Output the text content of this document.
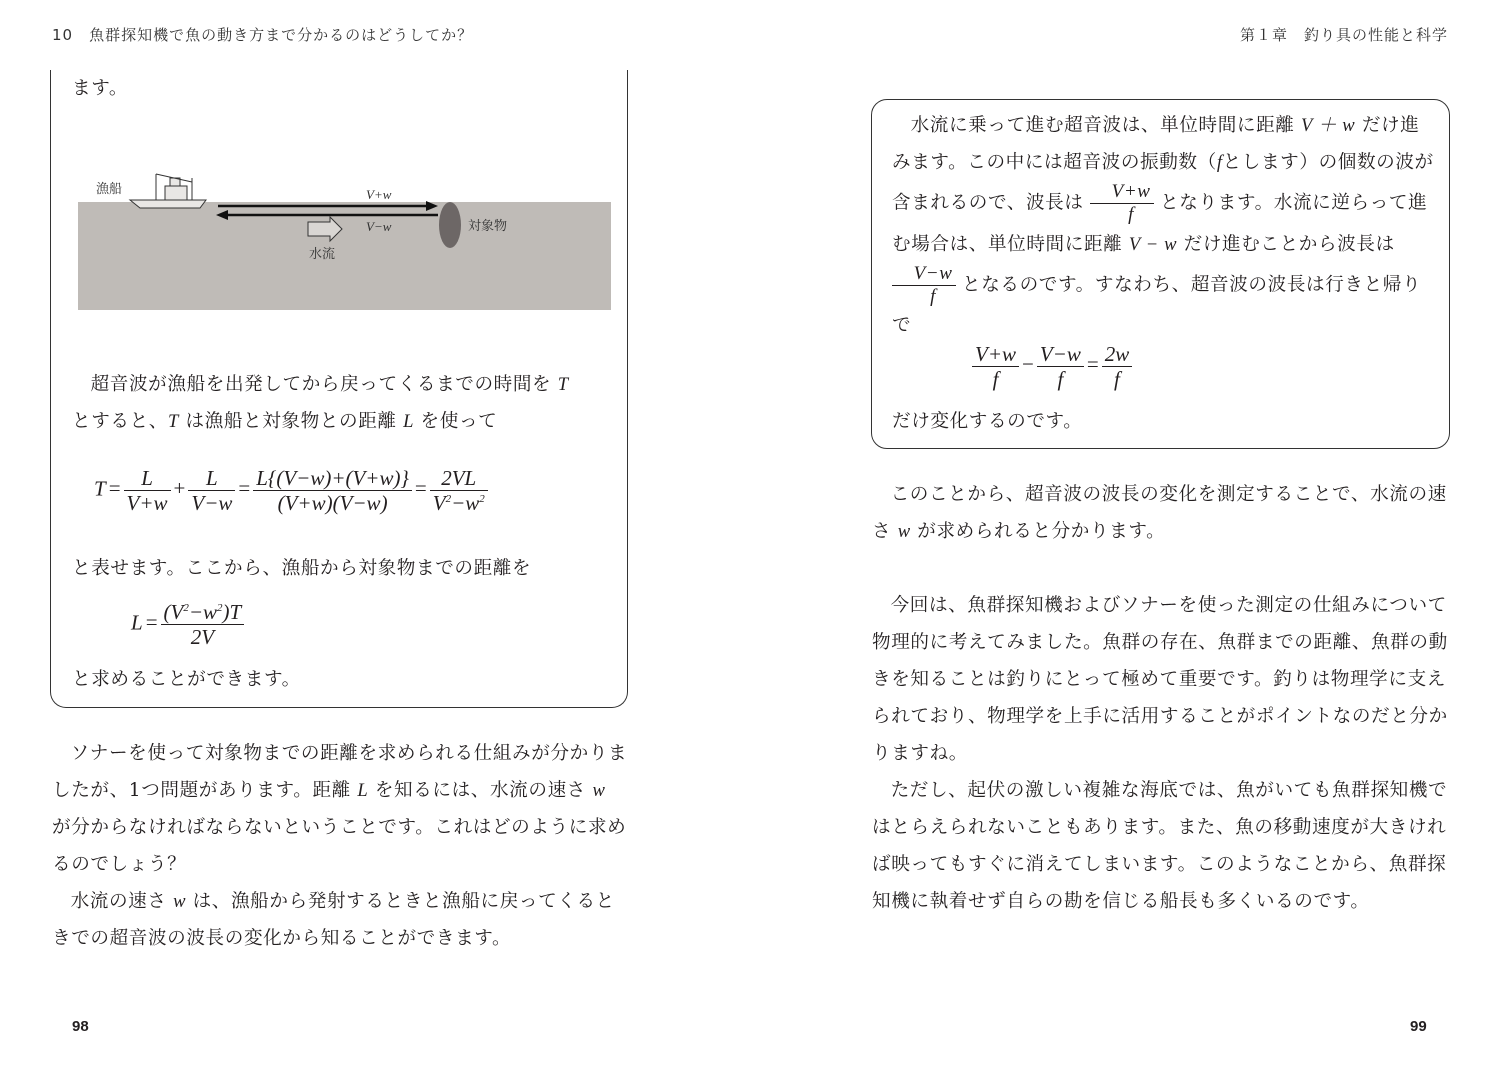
10　魚群探知機で魚の動き方まで分かるのはどうしてか？	第１章　釣り具の性能と科学

ます。

漁船	V+w
V−w	対象物
水流

超音波が漁船を出発してから戻ってくるまでの時間を T
とすると、T は漁船と対象物との距離 L を使って

$T = \frac{L}{V+w} + \frac{L}{V-w} = \frac{L\{(V-w)+(V+w)\}}{(V+w)(V-w)} = \frac{2VL}{V^2-w^2}$

と表せます。ここから、漁船から対象物までの距離を

$L = \frac{(V^2-w^2)T}{2V}$

と求めることができます。

ソナーを使って対象物までの距離を求められる仕組みが分かりましたが、1つ問題があります。距離 L を知るには、水流の速さ w が分からなければならないということです。これはどのように求めるのでしょう？

水流の速さ w は、漁船から発射するときと漁船に戻ってくるときでの超音波の波長の変化から知ることができます。

98

水流に乗って進む超音波は、単位時間に距離 V ＋ w だけ進みます。この中には超音波の振動数（fとします）の個数の波が含まれるので、波長は $\frac{V+w}{f}$ となります。水流に逆らって進む場合は、単位時間に距離 V − w だけ進むことから波長は
$\frac{V-w}{f}$ となるのです。すなわち、超音波の波長は行きと帰りで

$\frac{V+w}{f} - \frac{V-w}{f} = \frac{2w}{f}$

だけ変化するのです。

このことから、超音波の波長の変化を測定することで、水流の速さ w が求められると分かります。

今回は、魚群探知機およびソナーを使った測定の仕組みについて物理的に考えてみました。魚群の存在、魚群までの距離、魚群の動きを知ることは釣りにとって極めて重要です。釣りは物理学に支えられており、物理学を上手に活用することがポイントなのだと分かりますね。

ただし、起伏の激しい複雑な海底では、魚がいても魚群探知機ではとらえられないこともあります。また、魚の移動速度が大きければ映ってもすぐに消えてしまいます。このようなことから、魚群探知機に執着せず自らの勘を信じる船長も多くいるのです。

99
